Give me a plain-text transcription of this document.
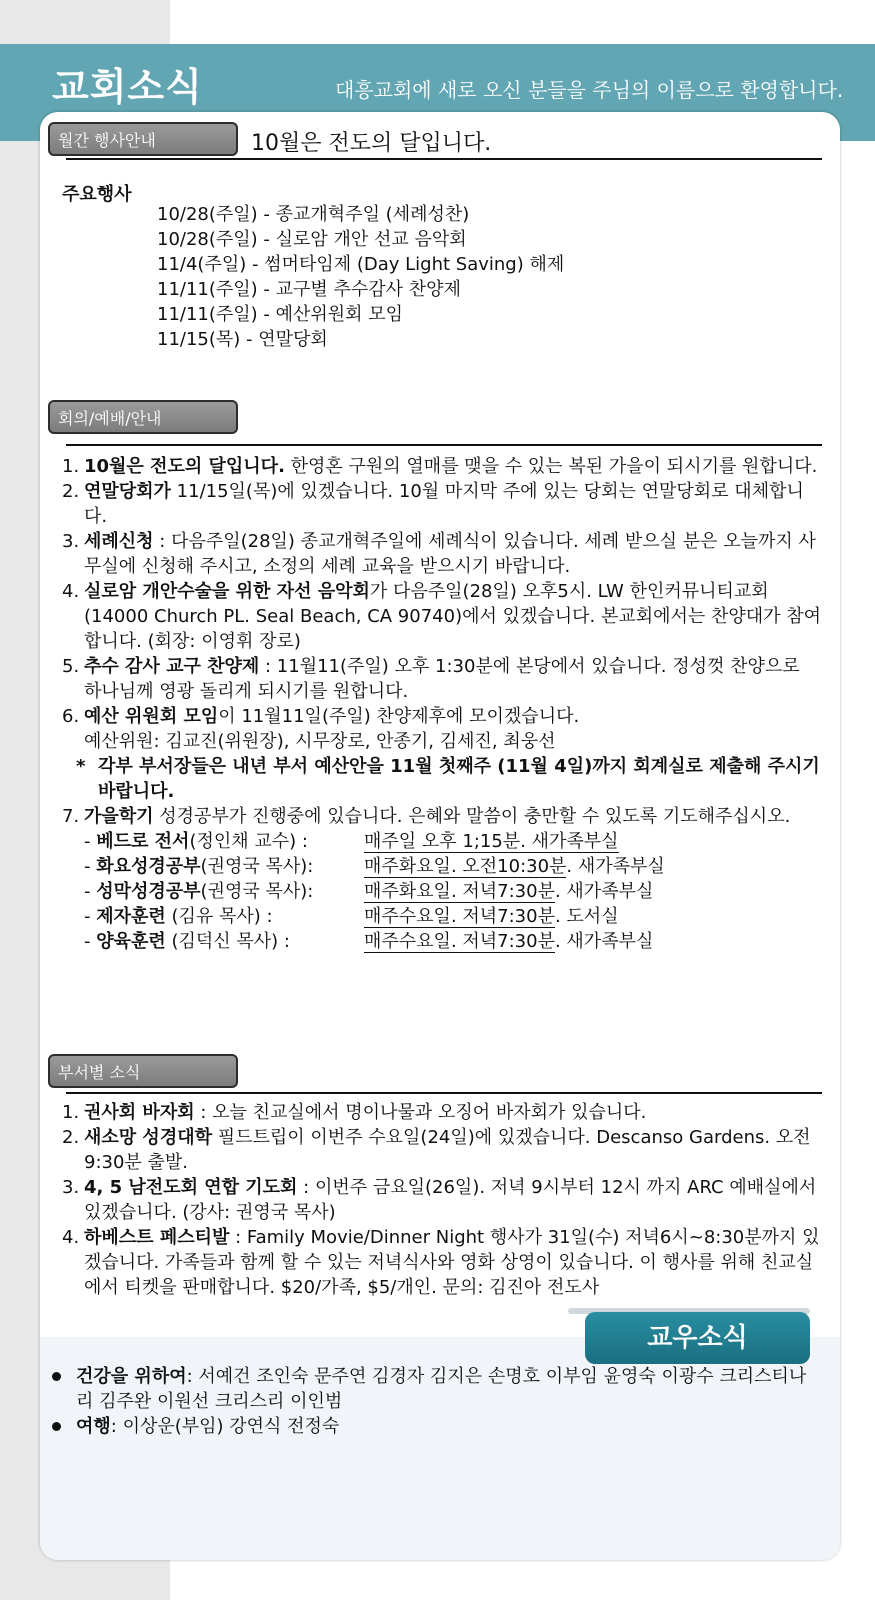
교회소식	대흥교회에 새로 오신 분들을 주님의 이름으로 환영합니다.
월간 행사안내	10월은 전도의 달입니다.
주요행사
10/28(주일) - 종교개혁주일 (세례성찬)
10/28(주일) - 실로암 개안 선교 음악회
11/4(주일) - 썸머타임제 (Day Light Saving) 해제
11/11(주일) - 교구별 추수감사 찬양제
11/11(주일) - 예산위원회 모임
11/15(목) - 연말당회
회의/예배/안내
1. 10월은 전도의 달입니다. 한영혼 구원의 열매를 맺을 수 있는 복된 가을이 되시기를 원합니다.
2. 연말당회가 11/15일(목)에 있겠습니다. 10월 마지막 주에 있는 당회는 연말당회로 대체합니다.
3. 세례신청 : 다음주일(28일) 종교개혁주일에 세례식이 있습니다. 세례 받으실 분은 오늘까지 사무실에 신청해 주시고, 소정의 세례 교육을 받으시기 바랍니다.
4. 실로암 개안수술을 위한 자선 음악회가 다음주일(28일) 오후5시. LW 한인커뮤니티교회(14000 Church PL. Seal Beach, CA 90740)에서 있겠습니다. 본교회에서는 찬양대가 참여합니다. (회장: 이영휘 장로)
5. 추수 감사 교구 찬양제 : 11월11(주일) 오후 1:30분에 본당에서 있습니다. 정성껏 찬양으로 하나님께 영광 돌리게 되시기를 원합니다.
6. 예산 위원회 모임이 11월11일(주일) 찬양제후에 모이겠습니다.
예산위원: 김교진(위원장), 시무장로, 안종기, 김세진, 최웅선
* 각부 부서장들은 내년 부서 예산안을 11월 첫째주 (11월 4일)까지 회계실로 제출해 주시기 바랍니다.
7. 가을학기 성경공부가 진행중에 있습니다. 은혜와 말씀이 충만할 수 있도록 기도해주십시오.
- 베드로 전서(정인채 교수) :	매주일 오후 1;15분. 새가족부실
- 화요성경공부(권영국 목사):	매주화요일. 오전10:30분. 새가족부실
- 성막성경공부(권영국 목사):	매주화요일. 저녁7:30분. 새가족부실
- 제자훈련 (김유 목사) :	매주수요일. 저녁7:30분. 도서실
- 양육훈련 (김덕신 목사) :	매주수요일. 저녁7:30분. 새가족부실
부서별 소식
1. 권사회 바자회 : 오늘 친교실에서 명이나물과 오징어 바자회가 있습니다.
2. 새소망 성경대학 필드트립이 이번주 수요일(24일)에 있겠습니다. Descanso Gardens. 오전 9:30분 출발.
3. 4, 5 남전도회 연합 기도회 : 이번주 금요일(26일). 저녁 9시부터 12시 까지 ARC 예배실에서 있겠습니다. (강사: 권영국 목사)
4. 하베스트 페스티발 : Family Movie/Dinner Night 행사가 31일(수) 저녁6시~8:30분까지 있겠습니다. 가족들과 함께 할 수 있는 저녁식사와 영화 상영이 있습니다. 이 행사를 위해 친교실에서 티켓을 판매합니다. $20/가족, $5/개인. 문의: 김진아 전도사
교우소식
건강을 위하여: 서예건 조인숙 문주연 김경자 김지은 손명호 이부임 윤영숙 이광수 크리스티나리 김주완 이원선 크리스리 이인범
여행: 이상운(부임) 강연식 전정숙
